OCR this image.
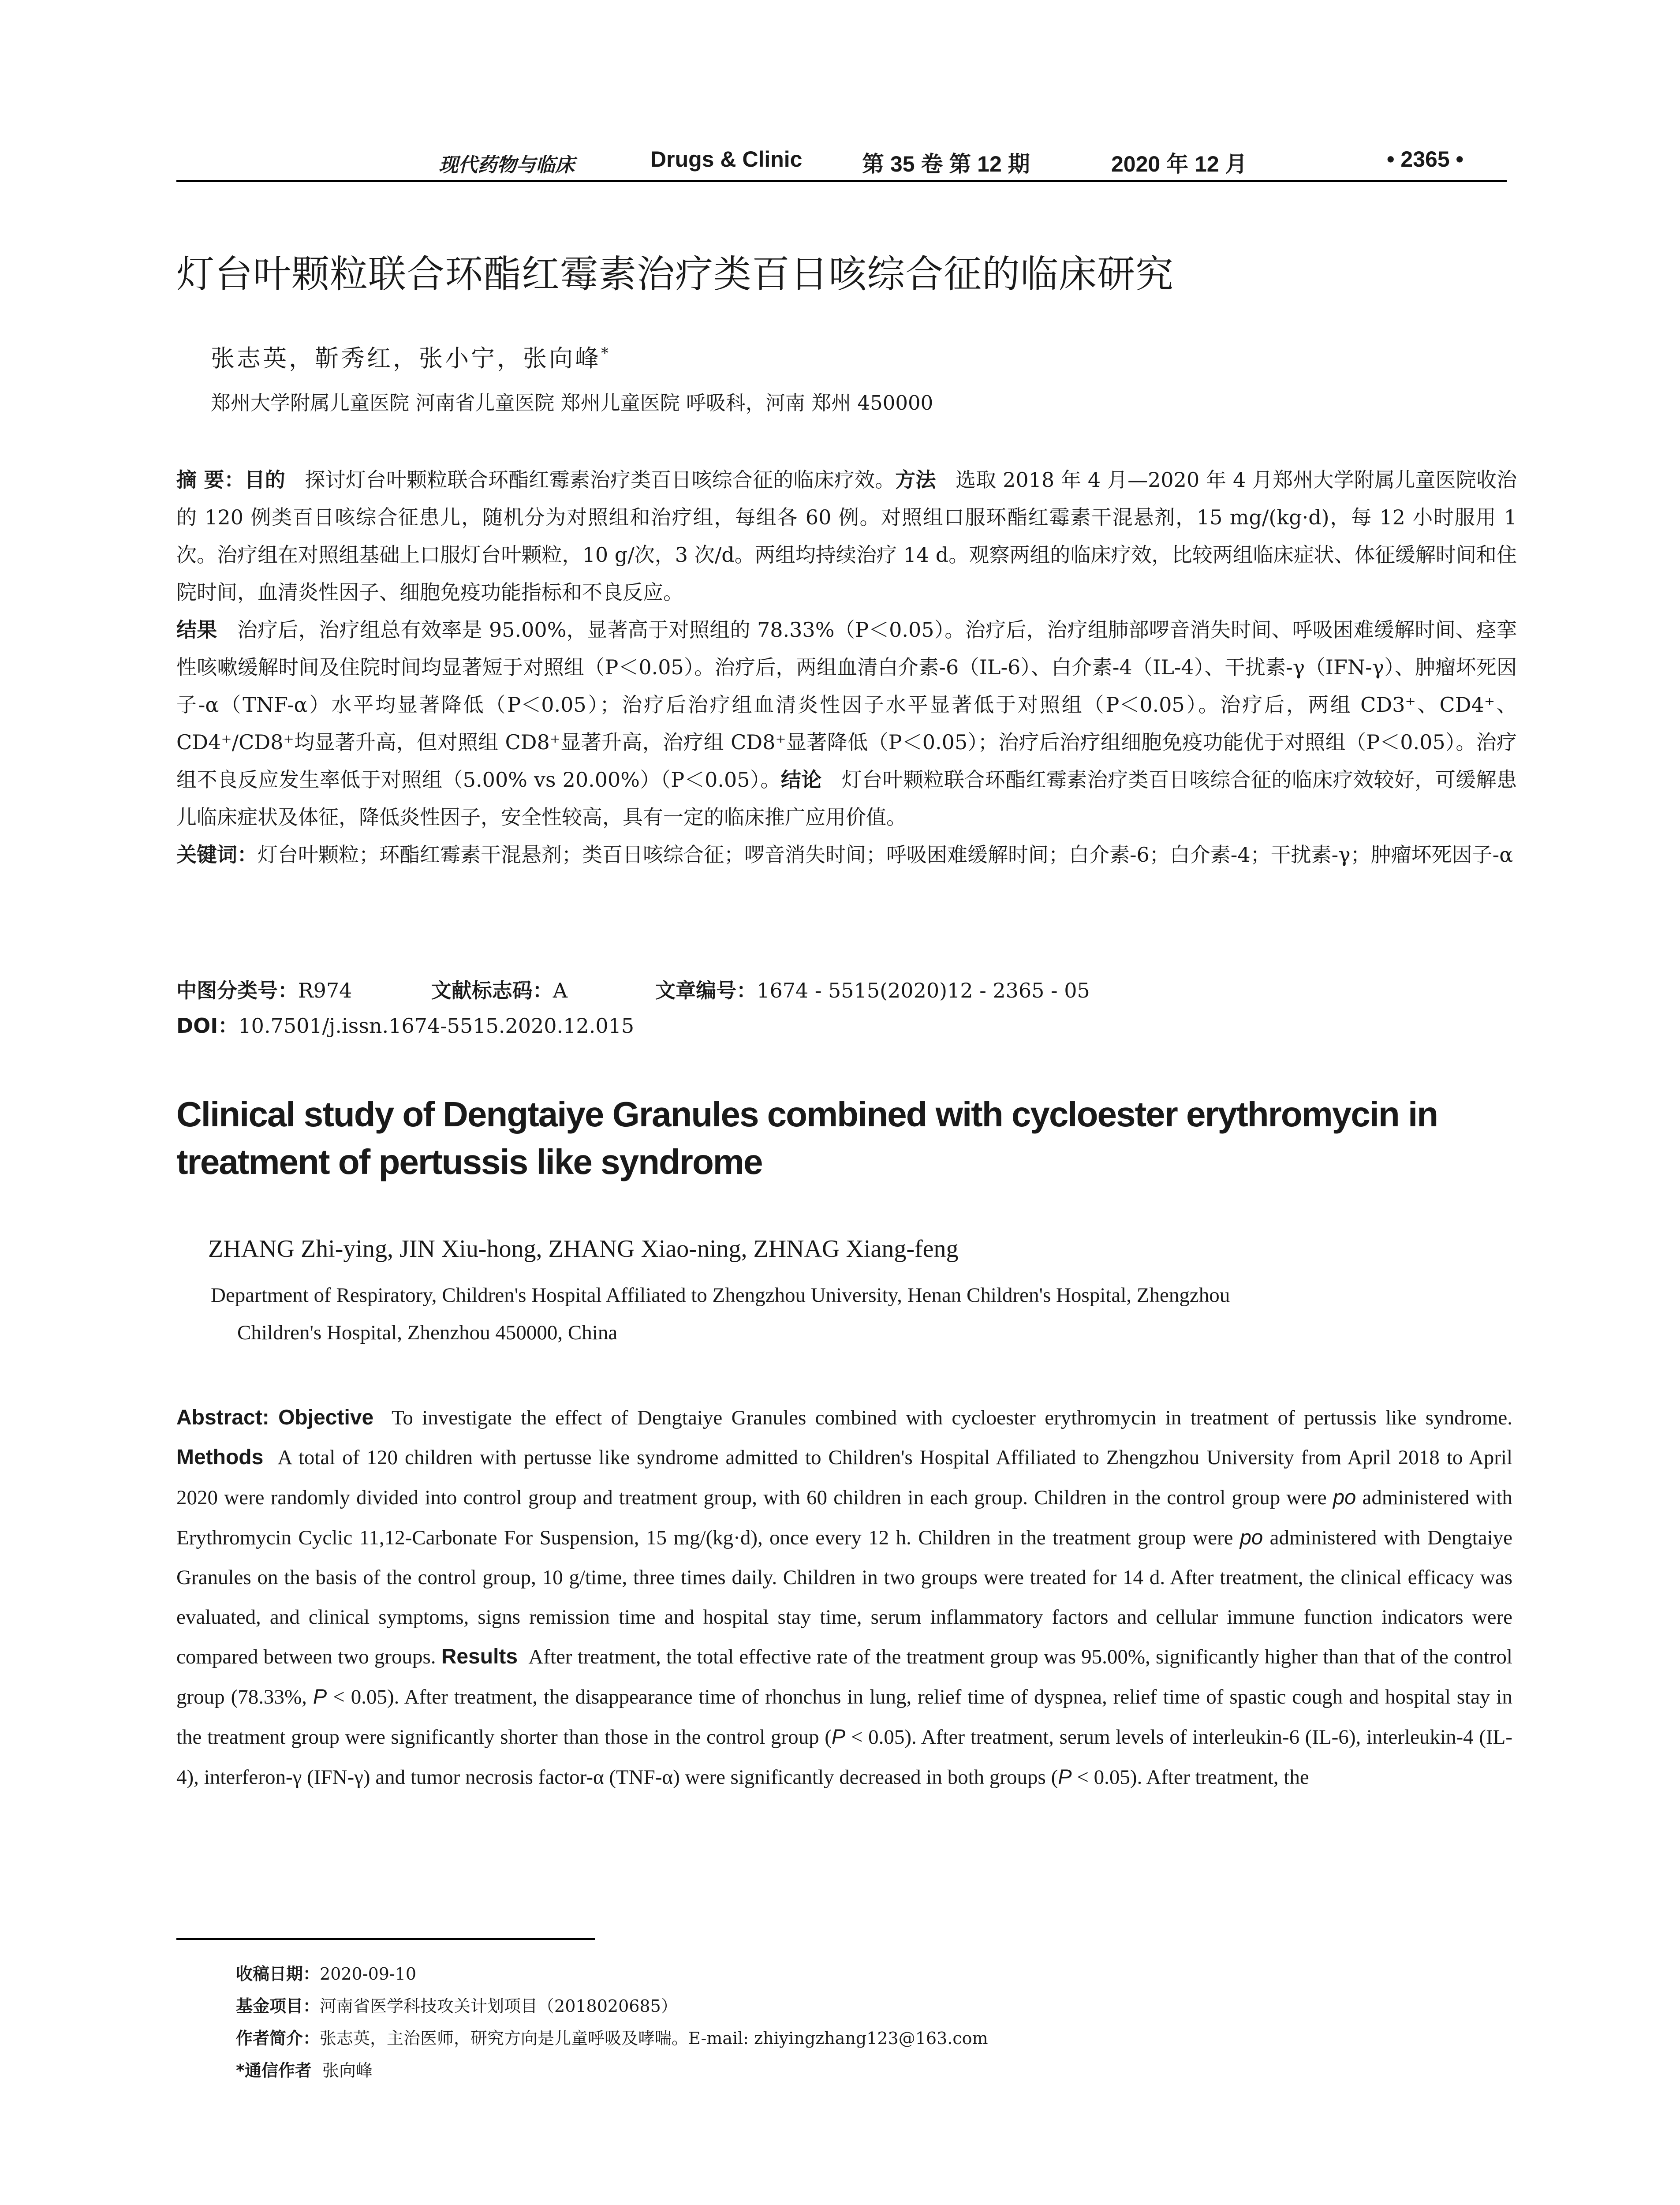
现代药物与临床	Drugs & Clinic	第 35 卷 第 12 期	2020 年 12 月	• 2365 •
灯台叶颗粒联合环酯红霉素治疗类百日咳综合征的临床研究
张志英，靳秀红，张小宁，张向峰*
郑州大学附属儿童医院 河南省儿童医院 郑州儿童医院 呼吸科，河南 郑州 450000
摘 要：目的 探讨灯台叶颗粒联合环酯红霉素治疗类百日咳综合征的临床疗效。方法 选取 2018 年 4 月—2020 年 4 月郑州大学附属儿童医院收治的 120 例类百日咳综合征患儿，随机分为对照组和治疗组，每组各 60 例。对照组口服环酯红霉素干混悬剂，15 mg/(kg·d)，每 12 小时服用 1 次。治疗组在对照组基础上口服灯台叶颗粒，10 g/次，3 次/d。两组均持续治疗 14 d。观察两组的临床疗效，比较两组临床症状、体征缓解时间和住院时间，血清炎性因子、细胞免疫功能指标和不良反应。
结果 治疗后，治疗组总有效率是 95.00%，显著高于对照组的 78.33%（P＜0.05）。治疗后，治疗组肺部啰音消失时间、呼吸困难缓解时间、痉挛性咳嗽缓解时间及住院时间均显著短于对照组（P＜0.05）。治疗后，两组血清白介素-6（IL-6）、白介素-4（IL-4）、干扰素-γ（IFN-γ）、肿瘤坏死因子-α（TNF-α）水平均显著降低（P＜0.05）；治疗后治疗组血清炎性因子水平显著低于对照组（P＜0.05）。治疗后，两组 CD3⁺、CD4⁺、CD4⁺/CD8⁺均显著升高，但对照组 CD8⁺显著升高，治疗组 CD8⁺显著降低（P＜0.05）；治疗后治疗组细胞免疫功能优于对照组（P＜0.05）。治疗组不良反应发生率低于对照组（5.00% vs 20.00%）（P＜0.05）。结论 灯台叶颗粒联合环酯红霉素治疗类百日咳综合征的临床疗效较好，可缓解患儿临床症状及体征，降低炎性因子，安全性较高，具有一定的临床推广应用价值。
关键词：灯台叶颗粒；环酯红霉素干混悬剂；类百日咳综合征；啰音消失时间；呼吸困难缓解时间；白介素-6；白介素-4；干扰素-γ；肿瘤坏死因子-α
中图分类号：R974	文献标志码：A	文章编号：1674 - 5515(2020)12 - 2365 - 05
DOI：10.7501/j.issn.1674-5515.2020.12.015
Clinical study of Dengtaiye Granules combined with cycloester erythromycin in treatment of pertussis like syndrome
ZHANG Zhi-ying, JIN Xiu-hong, ZHANG Xiao-ning, ZHNAG Xiang-feng
Department of Respiratory, Children's Hospital Affiliated to Zhengzhou University, Henan Children's Hospital, Zhengzhou
Children's Hospital, Zhenzhou 450000, China
Abstract: Objective To investigate the effect of Dengtaiye Granules combined with cycloester erythromycin in treatment of pertussis like syndrome. Methods A total of 120 children with pertusse like syndrome admitted to Children's Hospital Affiliated to Zhengzhou University from April 2018 to April 2020 were randomly divided into control group and treatment group, with 60 children in each group. Children in the control group were po administered with Erythromycin Cyclic 11,12-Carbonate For Suspension, 15 mg/(kg·d), once every 12 h. Children in the treatment group were po administered with Dengtaiye Granules on the basis of the control group, 10 g/time, three times daily. Children in two groups were treated for 14 d. After treatment, the clinical efficacy was evaluated, and clinical symptoms, signs remission time and hospital stay time, serum inflammatory factors and cellular immune function indicators were compared between two groups. Results After treatment, the total effective rate of the treatment group was 95.00%, significantly higher than that of the control group (78.33%, P < 0.05). After treatment, the disappearance time of rhonchus in lung, relief time of dyspnea, relief time of spastic cough and hospital stay in the treatment group were significantly shorter than those in the control group (P < 0.05). After treatment, serum levels of interleukin-6 (IL-6), interleukin-4 (IL-4), interferon-γ (IFN-γ) and tumor necrosis factor-α (TNF-α) were significantly decreased in both groups (P < 0.05). After treatment, the
收稿日期：2020-09-10
基金项目：河南省医学科技攻关计划项目（2018020685）
作者简介：张志英，主治医师，研究方向是儿童呼吸及哮喘。E-mail: zhiyingzhang123@163.com
*通信作者 张向峰
